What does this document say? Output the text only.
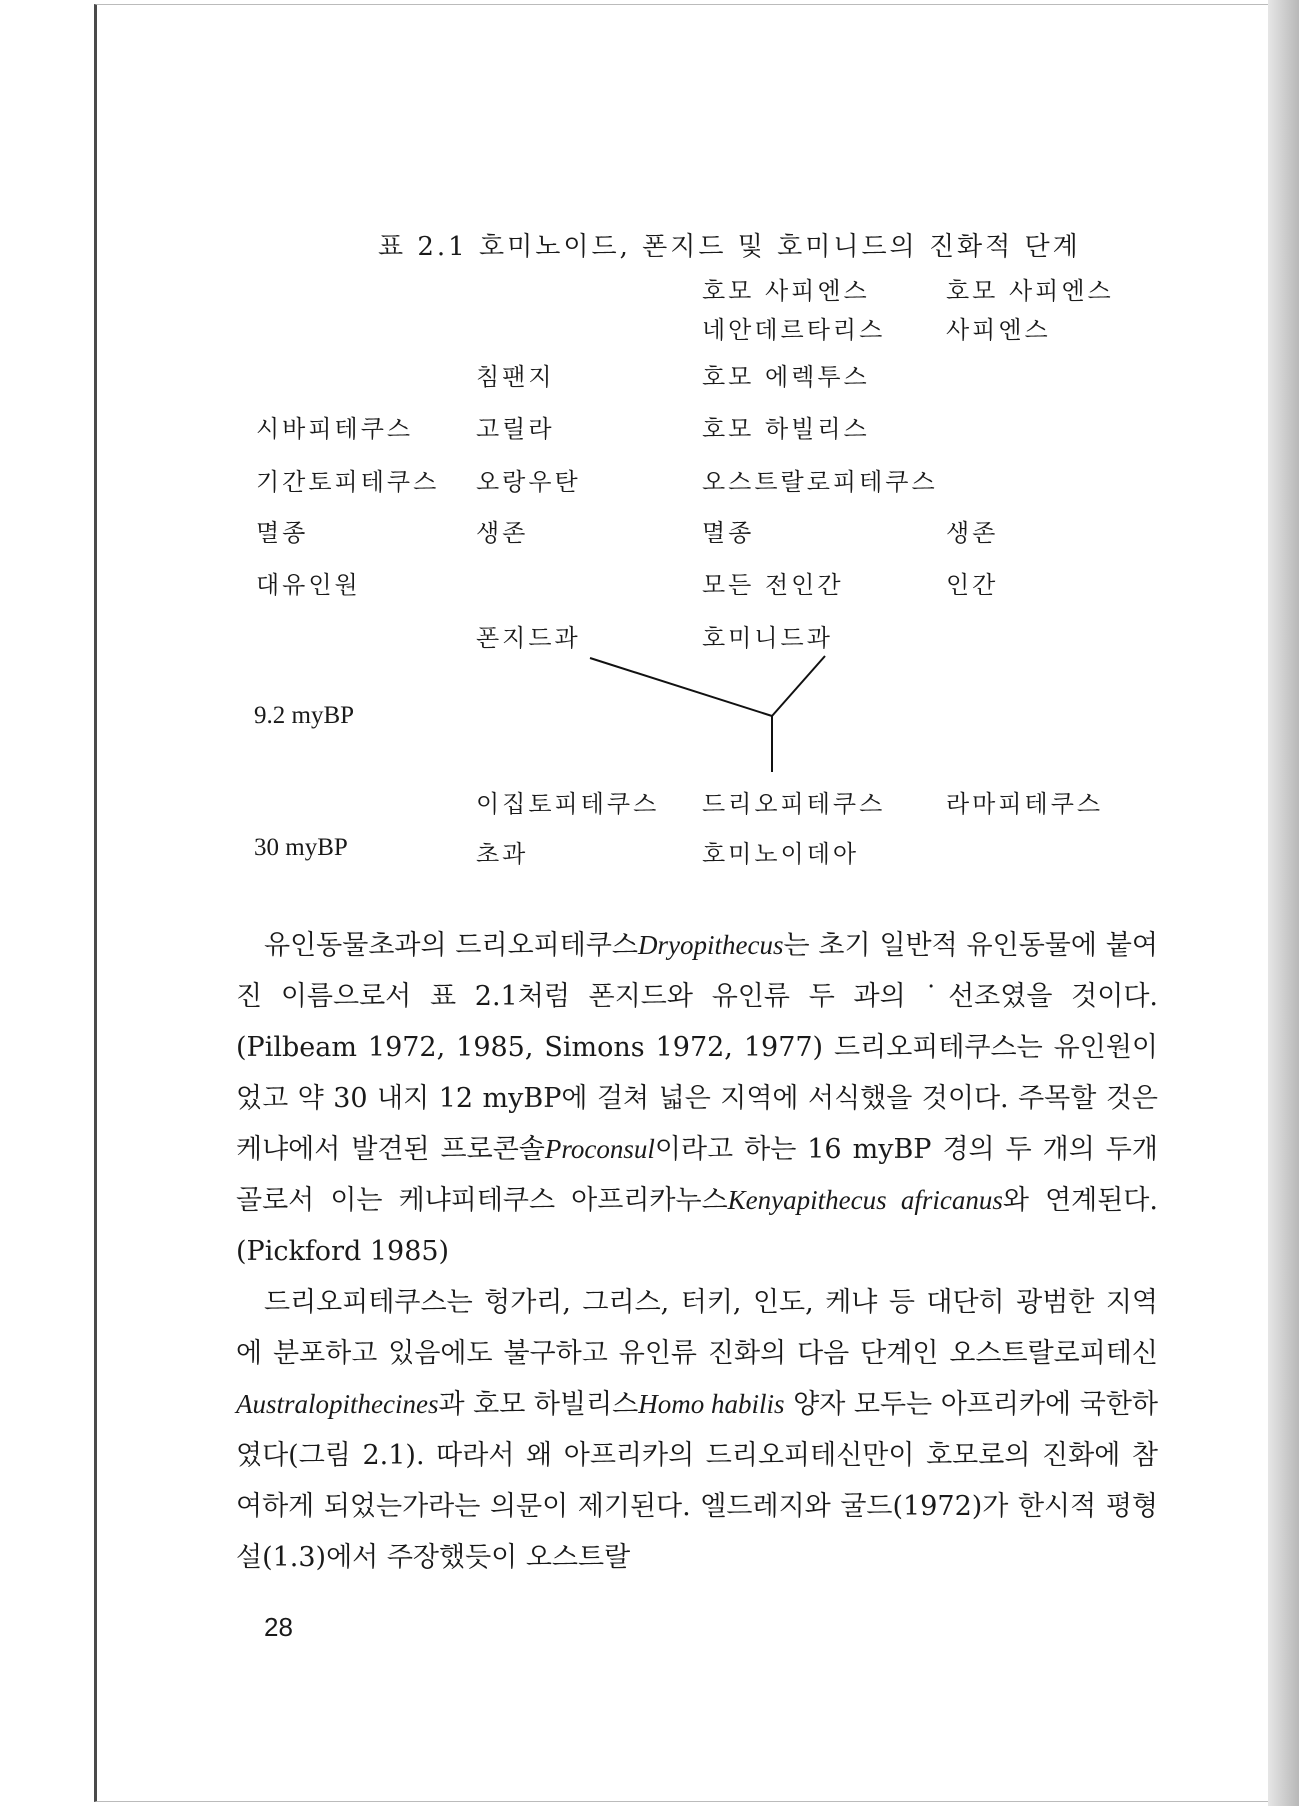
표 2.1 호미노이드, 폰지드 및 호미니드의 진화적 단계
시바피테쿠스
기간토피테쿠스
멸종
대유인원
9.2 myBP
30 myBP
침팬지
고릴라
오랑우탄
생존
폰지드과
이집토피테쿠스
초과
호모 사피엔스
네안데르타리스
호모 에렉투스
호모 하빌리스
오스트랄로피테쿠스
멸종
모든 전인간
호미니드과
드리오피테쿠스
호미노이데아
호모 사피엔스
사피엔스
생존
인간
라마피테쿠스

유인동물초과의 드리오피테쿠스Dryopithecus는 초기 일반적 유인동물에 붙여진 이름으로서 표 2.1처럼 폰지드와 유인류 두 과의 ˙선조였을 것이다.(Pilbeam 1972, 1985, Simons 1972, 1977) 드리오피테쿠스는 유인원이었고 약 30 내지 12 myBP에 걸쳐 넓은 지역에 서식했을 것이다. 주목할 것은 케냐에서 발견된 프로콘솔Proconsul이라고 하는 16 myBP 경의 두 개의 두개골로서 이는 케냐피테쿠스 아프리카누스Kenyapithecus africanus와 연계된다.(Pickford 1985)

드리오피테쿠스는 헝가리, 그리스, 터키, 인도, 케냐 등 대단히 광범한 지역에 분포하고 있음에도 불구하고 유인류 진화의 다음 단계인 오스트랄로피테신Australopithecines과 호모 하빌리스Homo habilis 양자 모두는 아프리카에 국한하였다(그림 2.1). 따라서 왜 아프리카의 드리오피테신만이 호모로의 진화에 참여하게 되었는가라는 의문이 제기된다. 엘드레지와 굴드(1972)가 한시적 평형설(1.3)에서 주장했듯이 오스트랄

28
